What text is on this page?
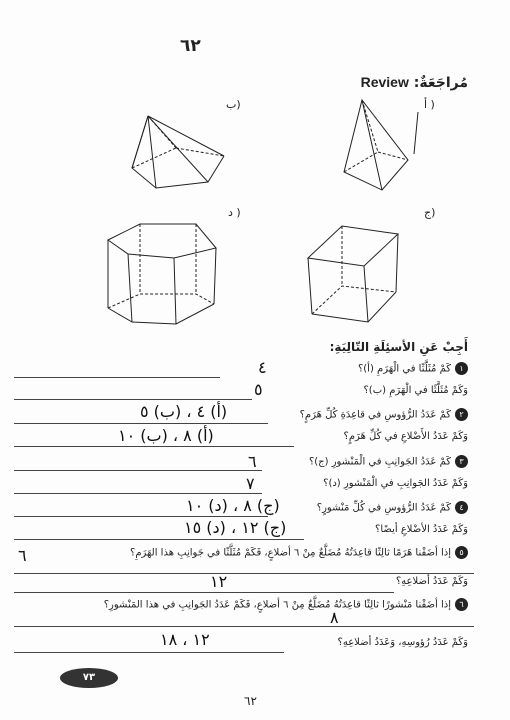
٦٢
مُراجَعَةٌ: Review
ب)	أ )
د )	ج)
أَجِبْ عَنِ الأسئِلَةِ التّالِيَةِ:
١كَمْ مُثَلَّثًا في الْهَرَمِ (أ)؟
٤
وَكَمْ مُثَلَّثًا في الْهَرَمِ (ب)؟
٥
٢كَمْ عَدَدُ الرُّؤوسِ في قاعِدَةِ كُلِّ هَرَمٍ؟
(أ) ٤ ، (ب) ٥
وَكَمْ عَدَدُ الأَضْلاعِ في كُلِّ هَرَمٍ؟
(أ) ٨ ، (ب) ١٠
٣كَمْ عَدَدُ الجَوانِبِ في الْمَنْشورِ (ج)؟
٦
وَكَمْ عَدَدُ الجَوانِبِ في الْمَنْشورِ (د)؟
٧
٤كَمْ عَدَدُ الرُّؤوسِ في كُلِّ مَنْشورٍ؟
(ج) ٨ ، (د) ١٠
وَكَمْ عَدَدُ الأضْلاعِ أيضًا؟
(ج) ١٢ ، (د) ١٥
٥إذا أضَفْنا هَرَمًا ثالِثًا قاعِدَتُهُ مُضَلَّعٌ مِنْ ٦ أضلاعٍ، فَكَمْ مُثَلَّثًا في جَوانِبِ هذا الهَرَمِ؟
٦
وَكَمْ عَدَدُ أضلاعِهِ؟
١٢
٦إذا أضَفْنا مَنْشورًا ثالِثًا قاعِدَتُهُ مُضَلَّعٌ مِنْ ٦ أضلاعٍ، فَكَمْ عَدَدُ الجَوانِبِ في هذا المَنْشورِ؟
٨
وَكَمْ عَدَدُ رُؤوسِهِ، وَعَدَدُ أضلاعِهِ؟
١٢ ، ١٨
٧٣
٦٢
